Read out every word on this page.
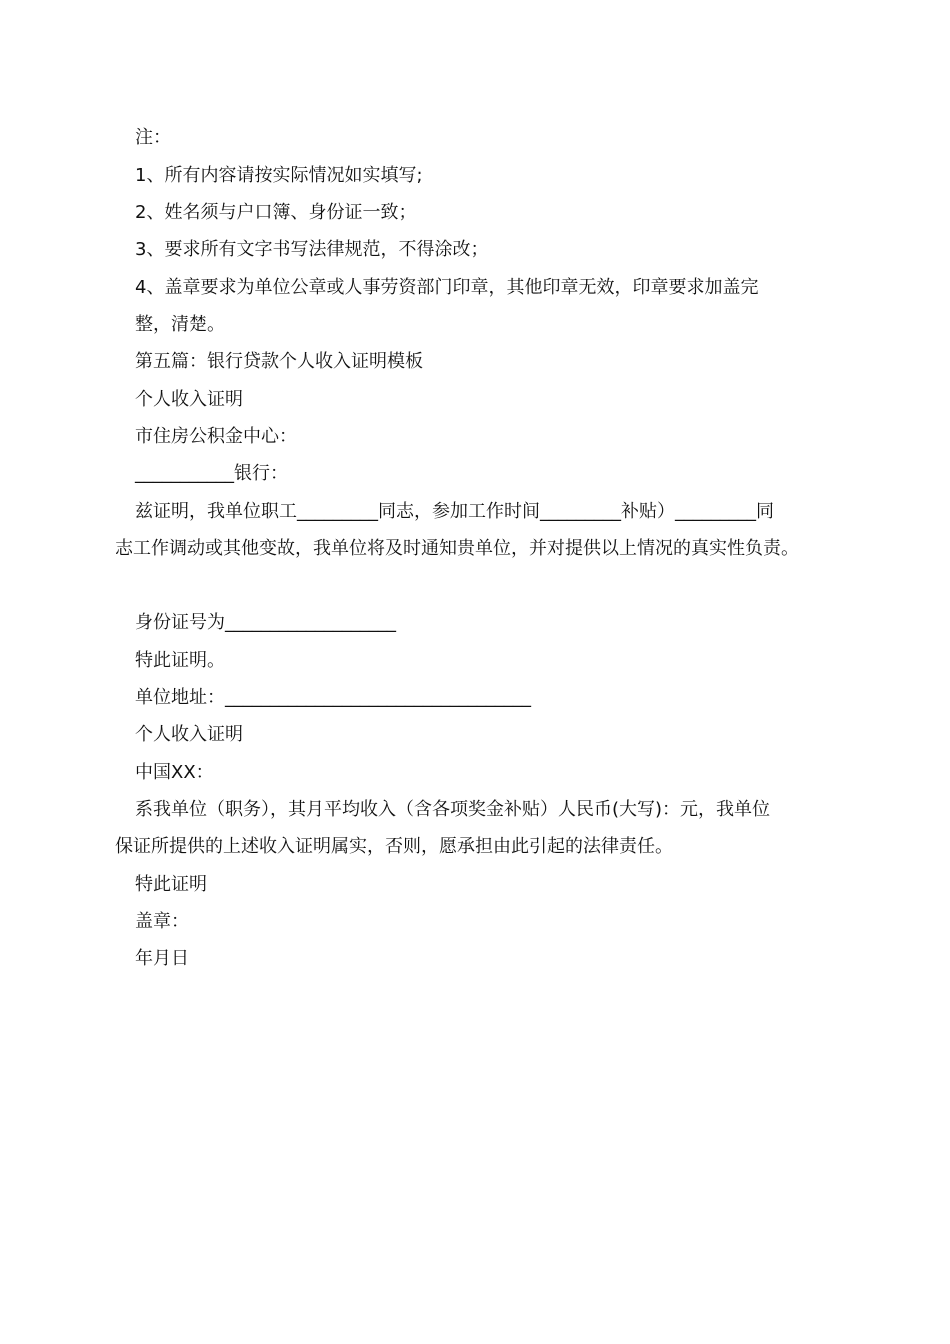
注：
1、所有内容请按实际情况如实填写;
2、姓名须与户口簿、身份证一致；
3、要求所有文字书写法律规范，不得涂改；
4、盖章要求为单位公章或人事劳资部门印章，其他印章无效，印章要求加盖完
整，清楚。
第五篇：银行贷款个人收入证明模板
个人收入证明
市住房公积金中心：
___________银行：
兹证明，我单位职工_________同志，参加工作时间_________补贴）_________同
志工作调动或其他变故，我单位将及时通知贵单位，并对提供以上情况的真实性负责。
身份证号为___________________
特此证明。
单位地址：__________________________________
个人收入证明
中国XX：
系我单位（职务），其月平均收入（含各项奖金补贴）人民币(大写)：元，我单位
保证所提供的上述收入证明属实，否则，愿承担由此引起的法律责任。
特此证明
盖章：
年月日
